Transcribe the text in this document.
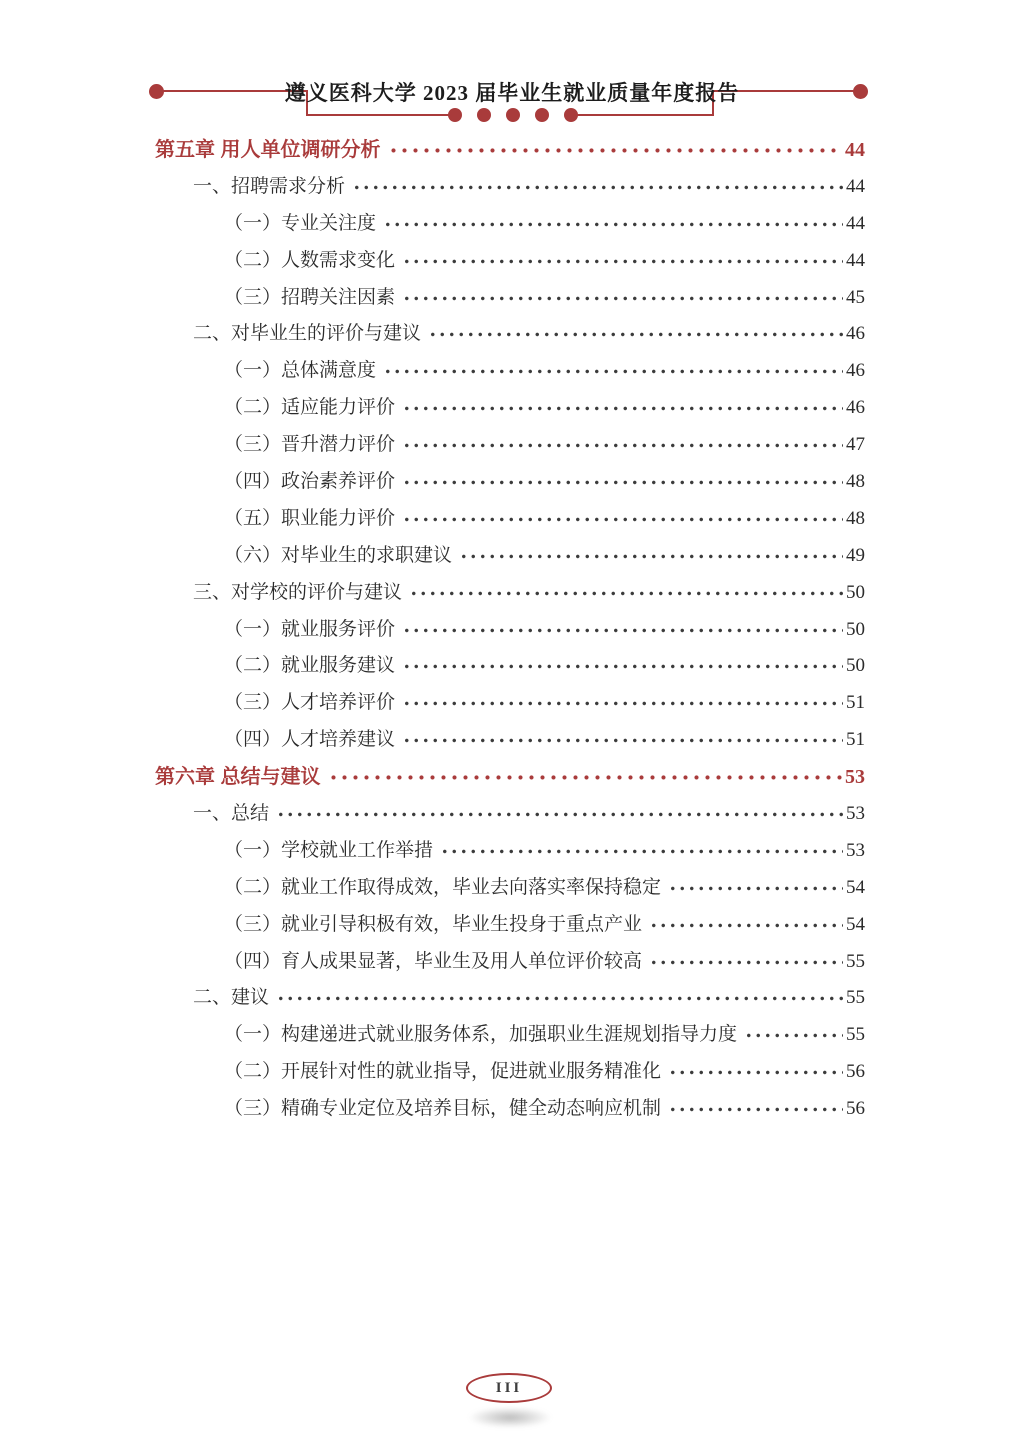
遵义医科大学 2023 届毕业生就业质量年度报告
第五章 用人单位调研分析	44
一、招聘需求分析	44
（一）专业关注度	44
（二）人数需求变化	44
（三）招聘关注因素	45
二、对毕业生的评价与建议	46
（一）总体满意度	46
（二）适应能力评价	46
（三）晋升潜力评价	47
（四）政治素养评价	48
（五）职业能力评价	48
（六）对毕业生的求职建议	49
三、对学校的评价与建议	50
（一）就业服务评价	50
（二）就业服务建议	50
（三）人才培养评价	51
（四）人才培养建议	51
第六章 总结与建议	53
一、总结	53
（一）学校就业工作举措	53
（二）就业工作取得成效，毕业去向落实率保持稳定	54
（三）就业引导积极有效，毕业生投身于重点产业	54
（四）育人成果显著，毕业生及用人单位评价较高	55
二、建议	55
（一）构建递进式就业服务体系，加强职业生涯规划指导力度	55
（二）开展针对性的就业指导，促进就业服务精准化	56
（三）精确专业定位及培养目标，健全动态响应机制	56
III
